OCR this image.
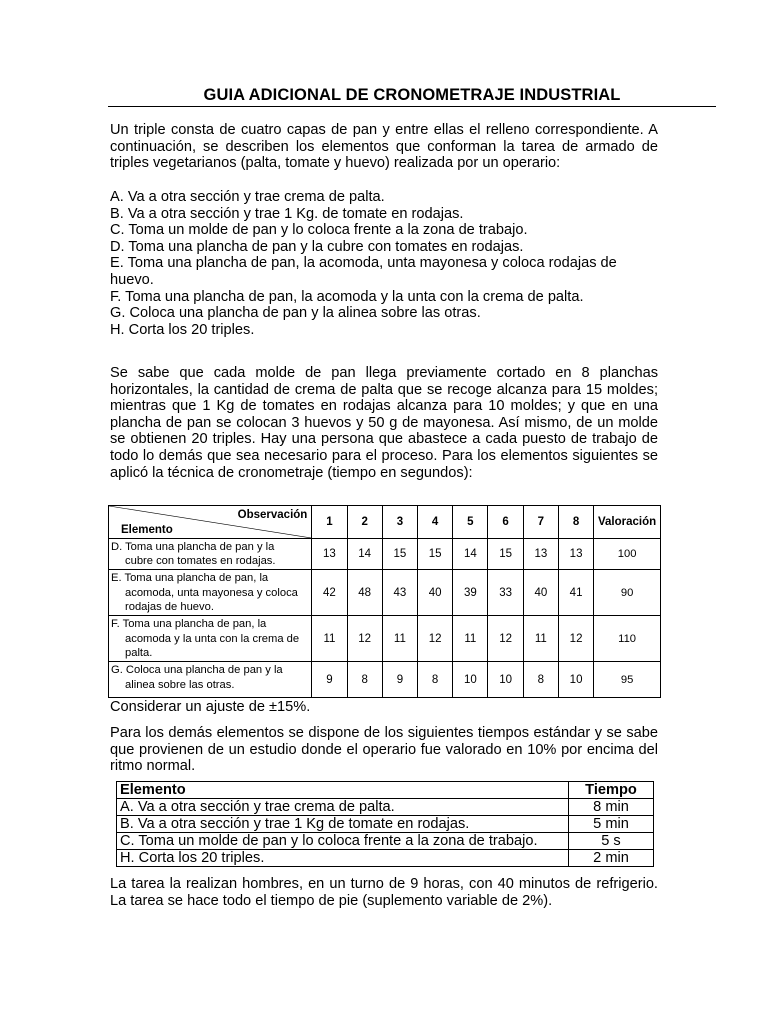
GUIA ADICIONAL DE CRONOMETRAJE INDUSTRIAL
Un triple consta de cuatro capas de pan y entre ellas el relleno correspondiente. A continuación, se describen los elementos que conforman la tarea de armado de triples vegetarianos (palta, tomate y huevo) realizada por un operario:
A. Va a otra sección y trae crema de palta.
B. Va a otra sección y trae 1 Kg. de tomate en rodajas.
C. Toma un molde de pan y lo coloca frente a la zona de trabajo.
D. Toma una plancha de pan y la cubre con tomates en rodajas.
E. Toma una plancha de pan, la acomoda, unta mayonesa y coloca rodajas de huevo.
F. Toma una plancha de pan, la acomoda y la unta con la crema de palta.
G. Coloca una plancha de pan y la alinea sobre las otras.
H. Corta los 20 triples.
Se sabe que cada molde de pan llega previamente cortado en 8 planchas horizontales, la cantidad de crema de palta que se recoge alcanza para 15 moldes; mientras que 1 Kg de tomates en rodajas alcanza para 10 moldes; y que en una plancha de pan se colocan 3 huevos y 50 g de mayonesa. Así mismo, de un molde se obtienen 20 triples. Hay una persona que abastece a cada puesto de trabajo de todo lo demás que sea necesario para el proceso. Para los elementos siguientes se aplicó la técnica de cronometraje (tiempo en segundos):
Observación
Elemento	1	2	3	4	5	6	7	8	Valoración
D. Toma una plancha de pan y la
cubre con tomates en rodajas.	13	14	15	15	14	15	13	13	100
E. Toma una plancha de pan, la
acomoda, unta mayonesa y coloca
rodajas de huevo.	42	48	43	40	39	33	40	41	90
F. Toma una plancha de pan, la
acomoda y la unta con la crema de
palta.	11	12	11	12	11	12	11	12	110
G. Coloca una plancha de pan y la
alinea sobre las otras.	9	8	9	8	10	10	8	10	95
Considerar un ajuste de ±15%.
Para los demás elementos se dispone de los siguientes tiempos estándar y se sabe que provienen de un estudio donde el operario fue valorado en 10% por encima del ritmo normal.
Elemento	Tiempo
A. Va a otra sección y trae crema de palta.	8 min
B. Va a otra sección y trae 1 Kg de tomate en rodajas.	5 min
C. Toma un molde de pan y lo coloca frente a la zona de trabajo.	5 s
H. Corta los 20 triples.	2 min
La tarea la realizan hombres, en un turno de 9 horas, con 40 minutos de refrigerio. La tarea se hace todo el tiempo de pie (suplemento variable de 2%).
